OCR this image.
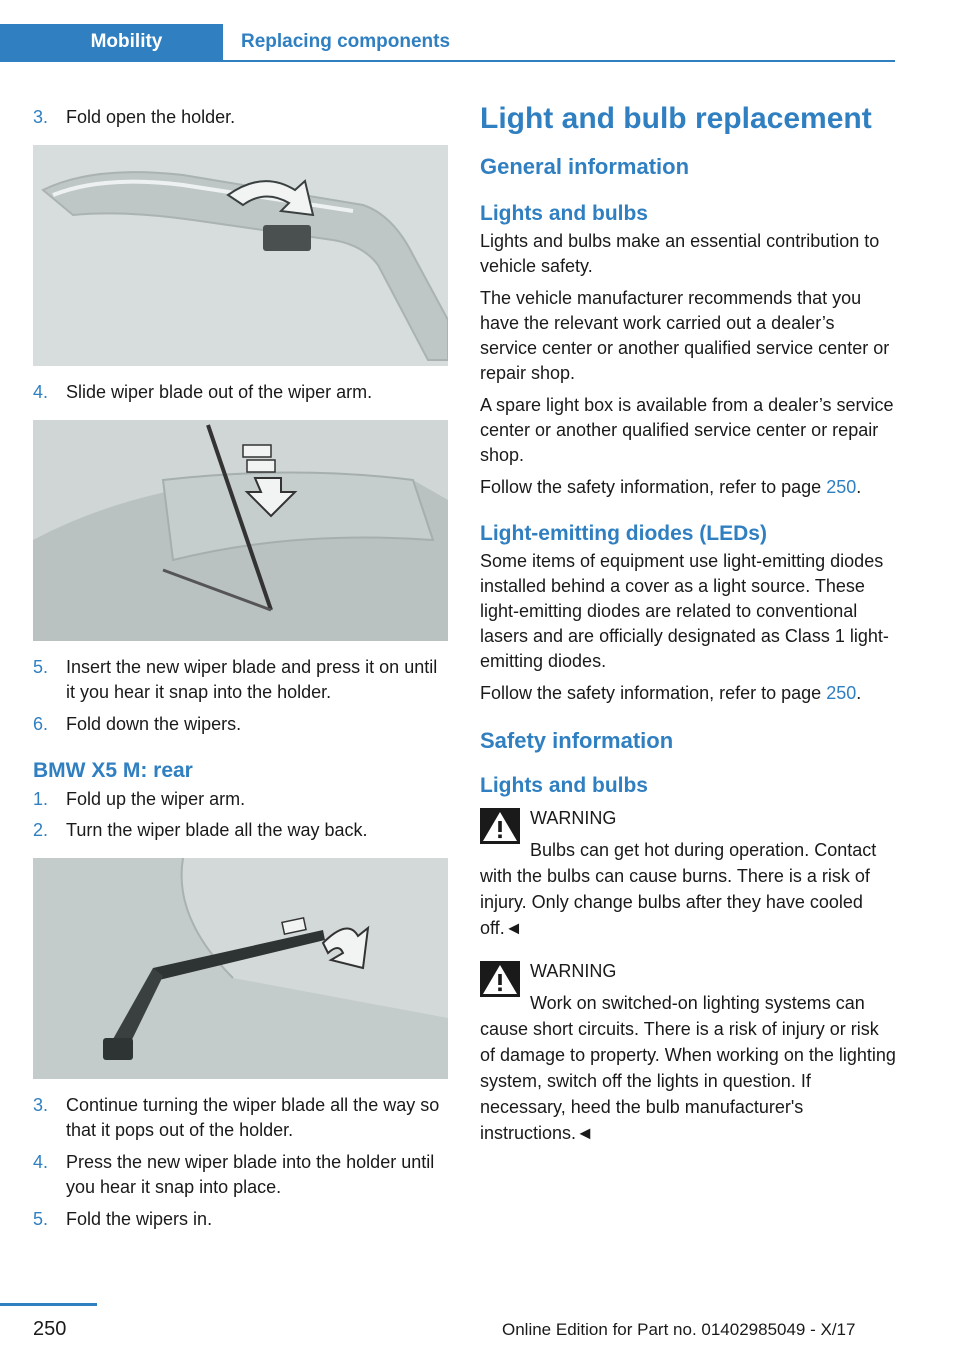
Mobility	Replacing components
3. Fold open the holder.
4. Slide wiper blade out of the wiper arm.
5. Insert the new wiper blade and press it on until it you hear it snap into the holder.
6. Fold down the wipers.
BMW X5 M: rear
1. Fold up the wiper arm.
2. Turn the wiper blade all the way back.
3. Continue turning the wiper blade all the way so that it pops out of the holder.
4. Press the new wiper blade into the holder until you hear it snap into place.
5. Fold the wipers in.
Light and bulb replacement
General information
Lights and bulbs
Lights and bulbs make an essential contribution to vehicle safety.
The vehicle manufacturer recommends that you have the relevant work carried out a dealer’s service center or another qualified service center or repair shop.
A spare light box is available from a dealer’s service center or another qualified service center or repair shop.
Follow the safety information, refer to page 250.
Light-emitting diodes (LEDs)
Some items of equipment use light-emitting diodes installed behind a cover as a light source. These light-emitting diodes are related to conventional lasers and are officially designated as Class 1 light-emitting diodes.
Follow the safety information, refer to page 250.
Safety information
Lights and bulbs
WARNING
Bulbs can get hot during operation. Contact with the bulbs can cause burns. There is a risk of injury. Only change bulbs after they have cooled off.◄
WARNING
Work on switched-on lighting systems can cause short circuits. There is a risk of injury or risk of damage to property. When working on the lighting system, switch off the lights in question. If necessary, heed the bulb manufacturer's instructions.◄
250	Online Edition for Part no. 01402985049 - X/17
